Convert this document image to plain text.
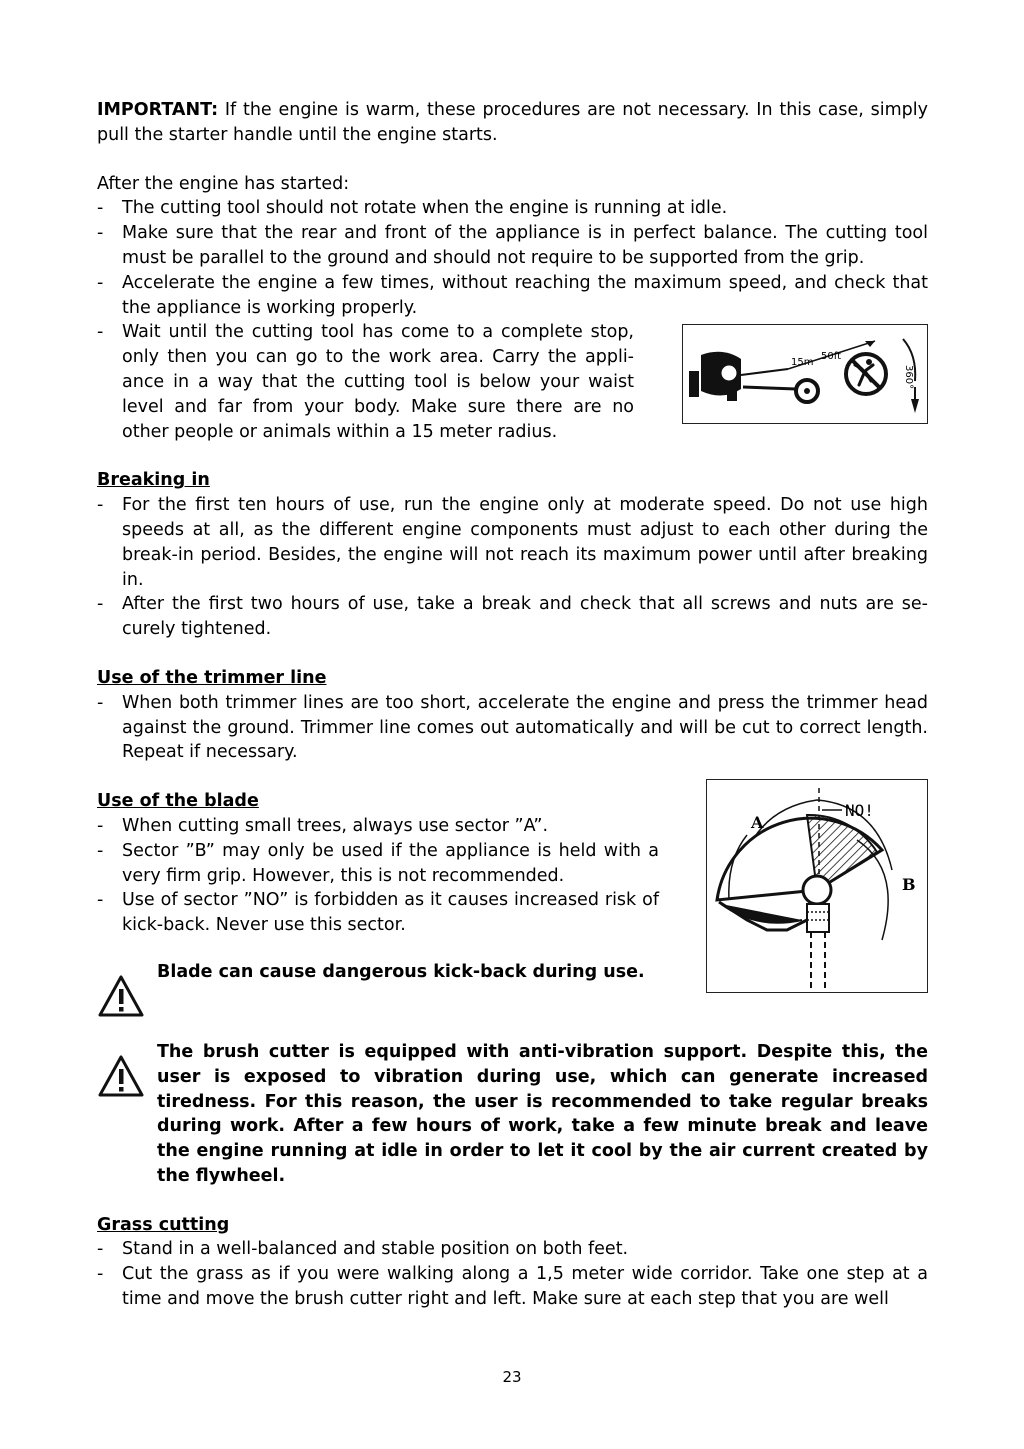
IMPORTANT: If the engine is warm, these procedures are not necessary. In this case, simply pull the starter handle until the engine starts.

After the engine has started:

- The cutting tool should not rotate when the engine is running at idle.
- Make sure that the rear and front of the appliance is in perfect balance. The cutting tool must be parallel to the ground and should not require to be supported from the grip.
- Accelerate the engine a few times, without reaching the maximum speed, and check that the appliance is working properly.
- Wait until the cutting tool has come to a complete stop, only then you can go to the work area. Carry the appli-ance in a way that the cutting tool is below your waist level and far from your body. Make sure there are no other people or animals within a 15 meter radius.
15m
50ft
360°

Breaking in

- For the first ten hours of use, run the engine only at moderate speed. Do not use high speeds at all, as the different engine components must adjust to each other during the break-in period. Besides, the engine will not reach its maximum power until after breaking in.
- After the first two hours of use, take a break and check that all screws and nuts are se-curely tightened.

Use of the trimmer line

- When both trimmer lines are too short, accelerate the engine and press the trimmer head against the ground. Trimmer line comes out automatically and will be cut to correct length. Repeat if necessary.

Use of the blade

- When cutting small trees, always use sector ”A”.
- Sector ”B” may only be used if the appliance is held with a very firm grip. However, this is not recommended.
- Use of sector ”NO” is forbidden as it causes increased risk of kick-back. Never use this sector.

Blade can cause dangerous kick-back during use.

A
NO!
B

The brush cutter is equipped with anti-vibration support. Despite this, the user is exposed to vibration during use, which can generate increased tiredness. For this reason, the user is recommended to take regular breaks during work. After a few hours of work, take a few minute break and leave the engine running at idle in order to let it cool by the air current created by the flywheel.

Grass cutting

- Stand in a well-balanced and stable position on both feet.
- Cut the grass as if you were walking along a 1,5 meter wide corridor. Take one step at a time and move the brush cutter right and left. Make sure at each step that you are well
23
